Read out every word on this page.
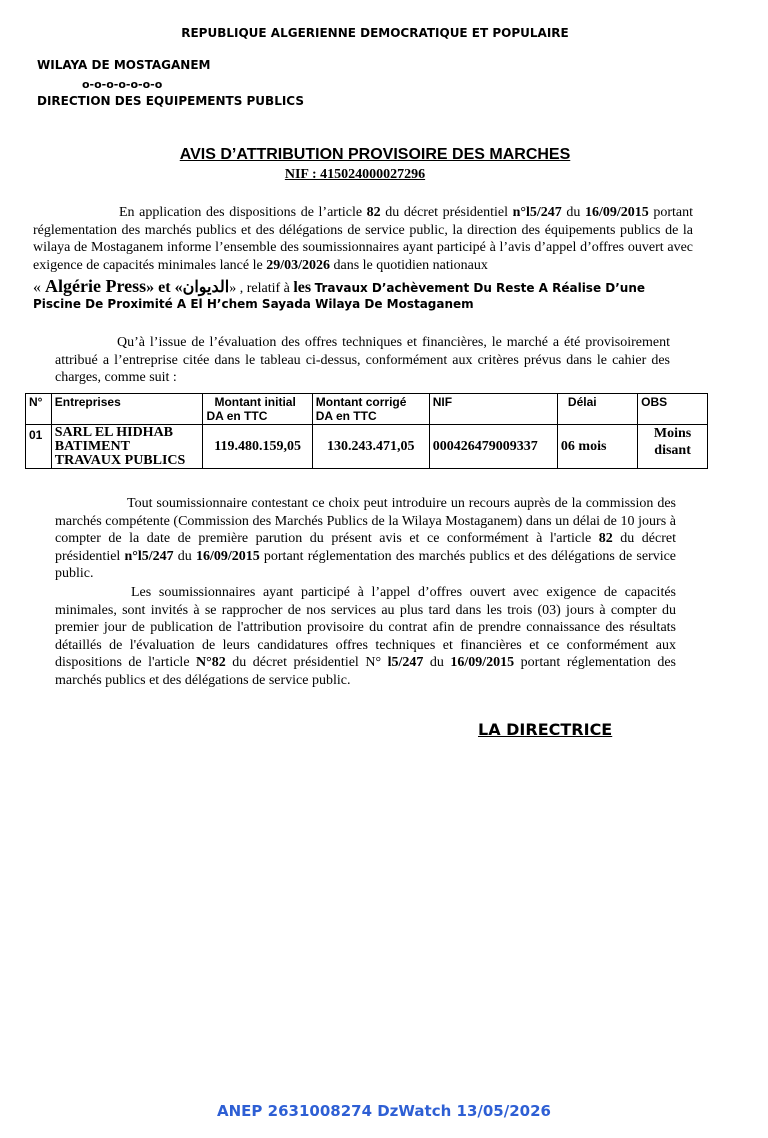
REPUBLIQUE ALGERIENNE DEMOCRATIQUE ET POPULAIRE
WILAYA DE MOSTAGANEM
o-o-o-o-o-o-o
DIRECTION DES EQUIPEMENTS PUBLICS
AVIS D’ATTRIBUTION PROVISOIRE DES MARCHES
NIF : 415024000027296
En application des dispositions de l’article 82 du décret présidentiel n°l5/247 du 16/09/2015 portant réglementation des marchés publics et des délégations de service public, la direction des équipements publics de la wilaya de Mostaganem informe l’ensemble des soumissionnaires ayant participé à l’avis d’appel d’offres ouvert avec exigence de capacités minimales lancé le 29/03/2026 dans le quotidien nationaux
« Algérie Press» et «الديوان» , relatif à les Travaux D’achèvement Du Reste A Réalise D’une
Piscine De Proximité A El H’chem Sayada Wilaya De Mostaganem
Qu’à l’issue de l’évaluation des offres techniques et financières, le marché a été provisoirement attribué a l’entreprise citée dans le tableau ci-dessus, conformément aux critères prévus dans le cahier des charges, comme suit :
N°	Entreprises	Montant initial
DA en TTC	Montant corrigé
DA en TTC	NIF	Délai	OBS
01	SARL EL HIDHAB
BATIMENT
TRAVAUX PUBLICS	119.480.159,05	130.243.471,05	000426479009337	06 mois	Moins
disant
Tout soumissionnaire contestant ce choix peut introduire un recours auprès de la commission des marchés compétente (Commission des Marchés Publics de la Wilaya Mostaganem) dans un délai de 10 jours à compter de la date de première parution du présent avis et ce conformément à l'article 82 du décret présidentiel n°l5/247 du 16/09/2015 portant réglementation des marchés publics et des délégations de service public.
Les soumissionnaires ayant participé à l’appel d’offres ouvert avec exigence de capacités minimales, sont invités à se rapprocher de nos services au plus tard dans les trois (03) jours à compter du premier jour de publication de l'attribution provisoire du contrat afin de prendre connaissance des résultats détaillés de l'évaluation de leurs candidatures offres techniques et financières et ce conformément aux dispositions de l'article N°82 du décret présidentiel N° l5/247 du 16/09/2015 portant réglementation des marchés publics et des délégations de service public.
LA DIRECTRICE
ANEP 2631008274 DzWatch 13/05/2026
